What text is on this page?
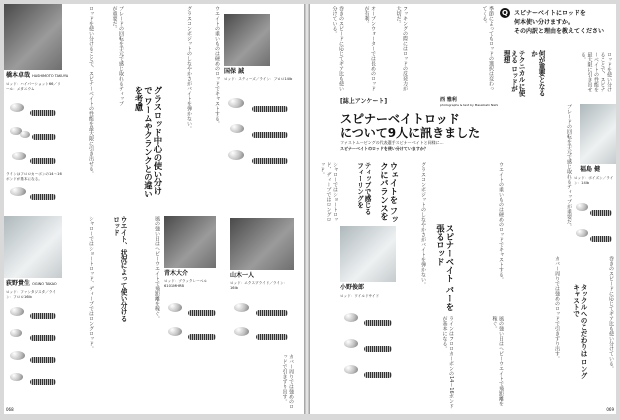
橋本卓哉 HASHIMOTO TAKUYA
ロッド：ハイパーショット66／リール：メタニウム
ラインはフロロカーボンの14～16ポンドが基本になる。
荻野貴生 OGINO TAKAO
ロッド：ファンタジスタ／ライン：フロロ16lb
ロッドを使い分けることで、スピナーベイトの性能を最大限に引き出せる。	ブレードの回転を手元で感じ取れるティップが重要だ。
グラスロッド中心の使い分けで ワームやクランクとの違いを考慮	グラスコンポジットのしなやかさがバイトを弾かない。	国保 誠
ロッド：スティーズ／ライン：フロロ14lb
ウエイトの重いものは硬めのロッドでキャストする。
青木大介
ロッド：ブラックレーベル6101MHRB
山木一人
ロッド：エクスプライド／ライン：16lb
シャローではショートロッド、ディープではロングロッド。	ウエイト、状況によって使い分けるロッド	風の強い日はヘビーウエイトで飛距離を稼ぐ。
カバー周りでは強めのロッドで引きずり出す。
068
Q	スピナーベイトにロッドを
何本使い分けますか。
その内訳と理由を教えてください
巻きのスピードに応じてギア比も使い分けている。	オープンウォーターでは長めのロッドが有利。	フッキングの際にはロッドの反発力が大切だ。
テクニカルに使える ロッドが理想
季節によってもロッドの選択は変わってくる。
何が重要となるか	ロッドを使い分けることで、スピナーベイトの性能を最大限に引き出せる。
[誌上アンケート]	西 雅利
photographs & text by Masatoshi Nishi
スピナーベイトロッド
について9人に訊きました
ファストムービングの代表選手スピナーベイトと同様に…
スピナーベイトのロッドを使い分けていますか？
福島 健
ロッド：ポイズン／ライン：14lb
ブレードの回転を手元で感じ取れるティップが重要だ。
ティップで感じる フィーリングを	ウェイトを フックにバランスを	グラスコンポジットのしなやかさがバイトを弾かない。	スピナーベイト バーを張るロッド	ウエイトの重いものは硬めのロッドでキャストする。
シャローではショートロッド、ディープではロングロッド。
小野俊郎
ロッド：ワイルドサイド
ラインはフロロカーボンの14～16ポンドが基本になる。	風の強い日はヘビーウエイトで飛距離を稼ぐ。	カバー周りでは強めのロッドで引きずり出す。	タックルへのこだわりは ロングキャストで	巻きのスピードに応じてギア比も使い分けている。
069
